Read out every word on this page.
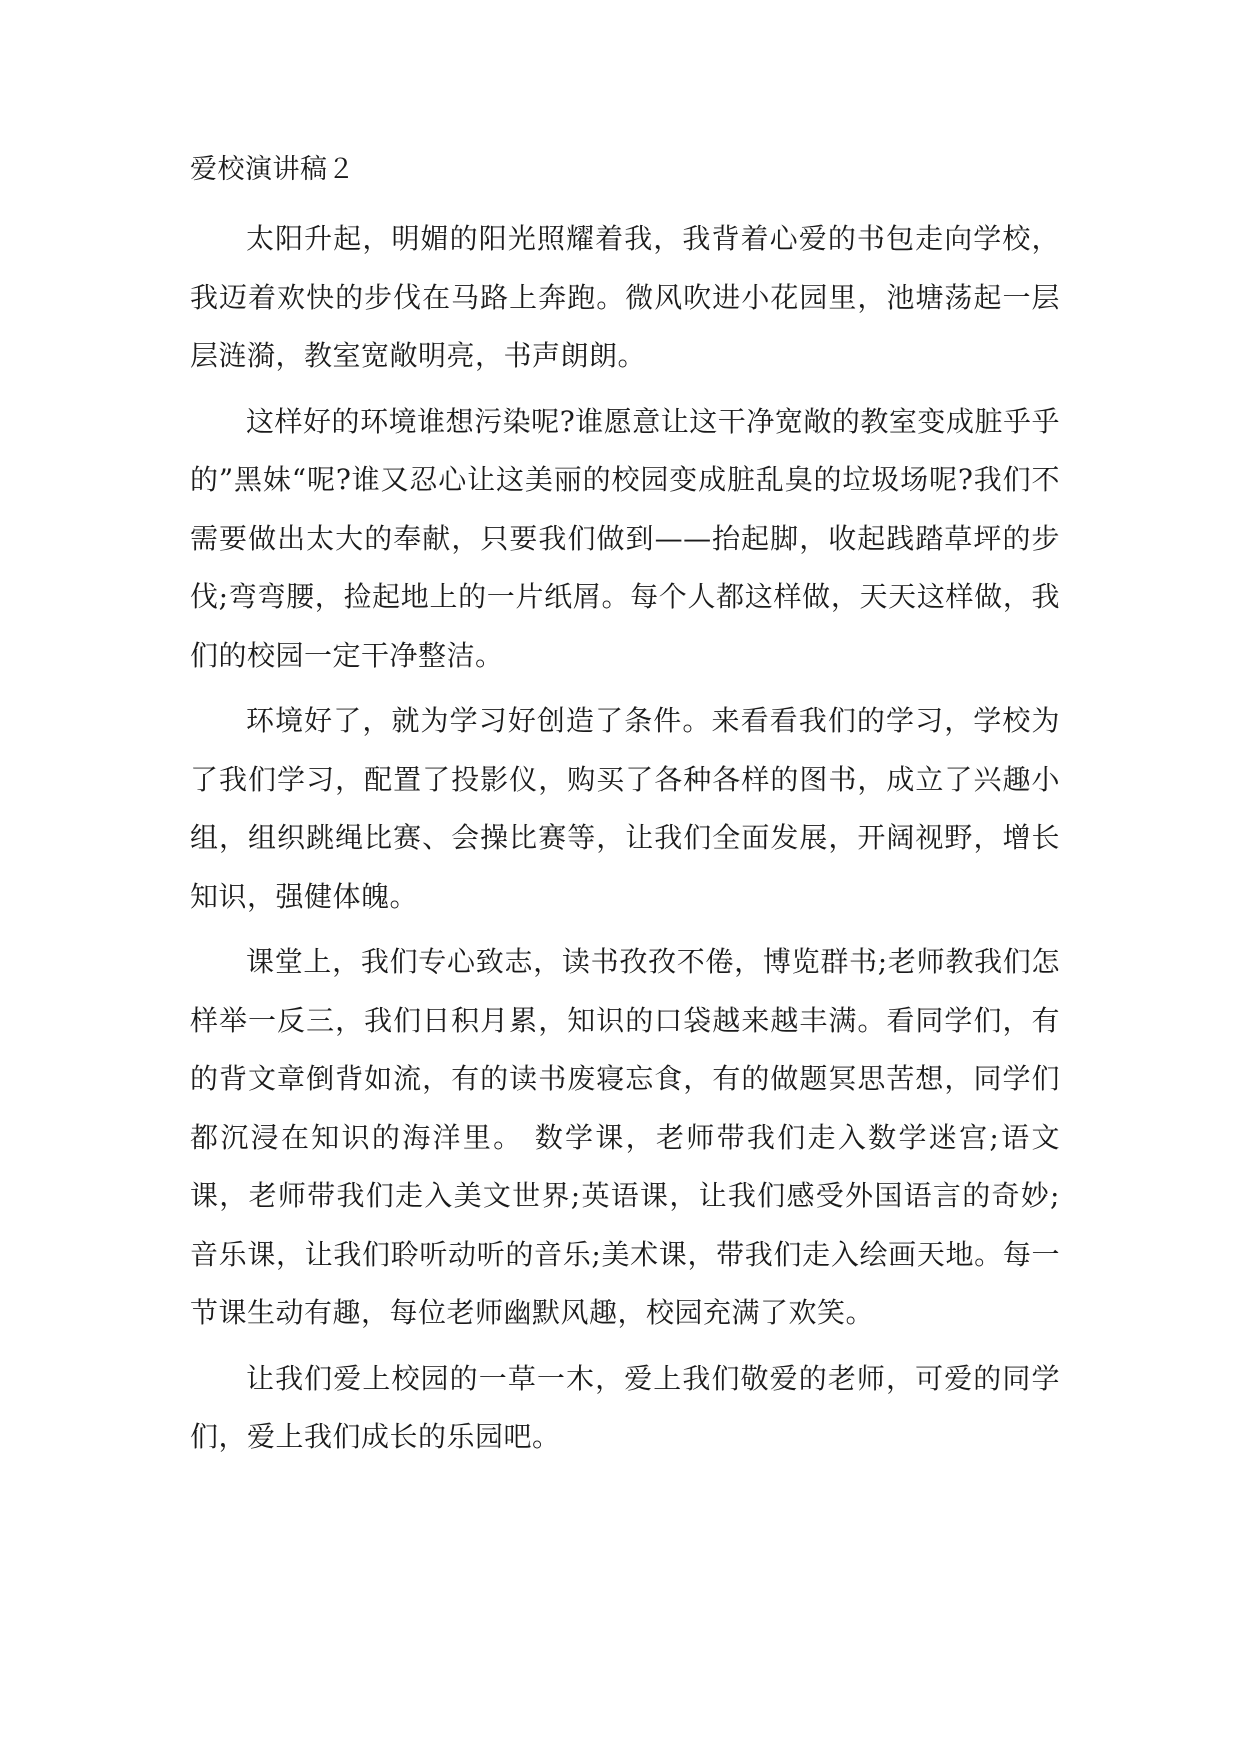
爱校演讲稿２

太阳升起，明媚的阳光照耀着我，我背着心爱的书包走向学校，我迈着欢快的步伐在马路上奔跑。微风吹进小花园里，池塘荡起一层层涟漪，教室宽敞明亮，书声朗朗。

这样好的环境谁想污染呢?谁愿意让这干净宽敞的教室变成脏乎乎的”黑妹“呢?谁又忍心让这美丽的校园变成脏乱臭的垃圾场呢?我们不需要做出太大的奉献，只要我们做到——抬起脚，收起践踏草坪的步伐;弯弯腰，捡起地上的一片纸屑。每个人都这样做，天天这样做，我们的校园一定干净整洁。

环境好了，就为学习好创造了条件。来看看我们的学习，学校为了我们学习，配置了投影仪，购买了各种各样的图书，成立了兴趣小组，组织跳绳比赛、会操比赛等，让我们全面发展，开阔视野，增长知识，强健体魄。

课堂上，我们专心致志，读书孜孜不倦，博览群书;老师教我们怎样举一反三，我们日积月累，知识的口袋越来越丰满。看同学们，有的背文章倒背如流，有的读书废寝忘食，有的做题冥思苦想，同学们都沉浸在知识的海洋里。 数学课，老师带我们走入数学迷宫;语文课，老师带我们走入美文世界;英语课，让我们感受外国语言的奇妙;音乐课，让我们聆听动听的音乐;美术课，带我们走入绘画天地。每一节课生动有趣，每位老师幽默风趣，校园充满了欢笑。

让我们爱上校园的一草一木，爱上我们敬爱的老师，可爱的同学们，爱上我们成长的乐园吧。
